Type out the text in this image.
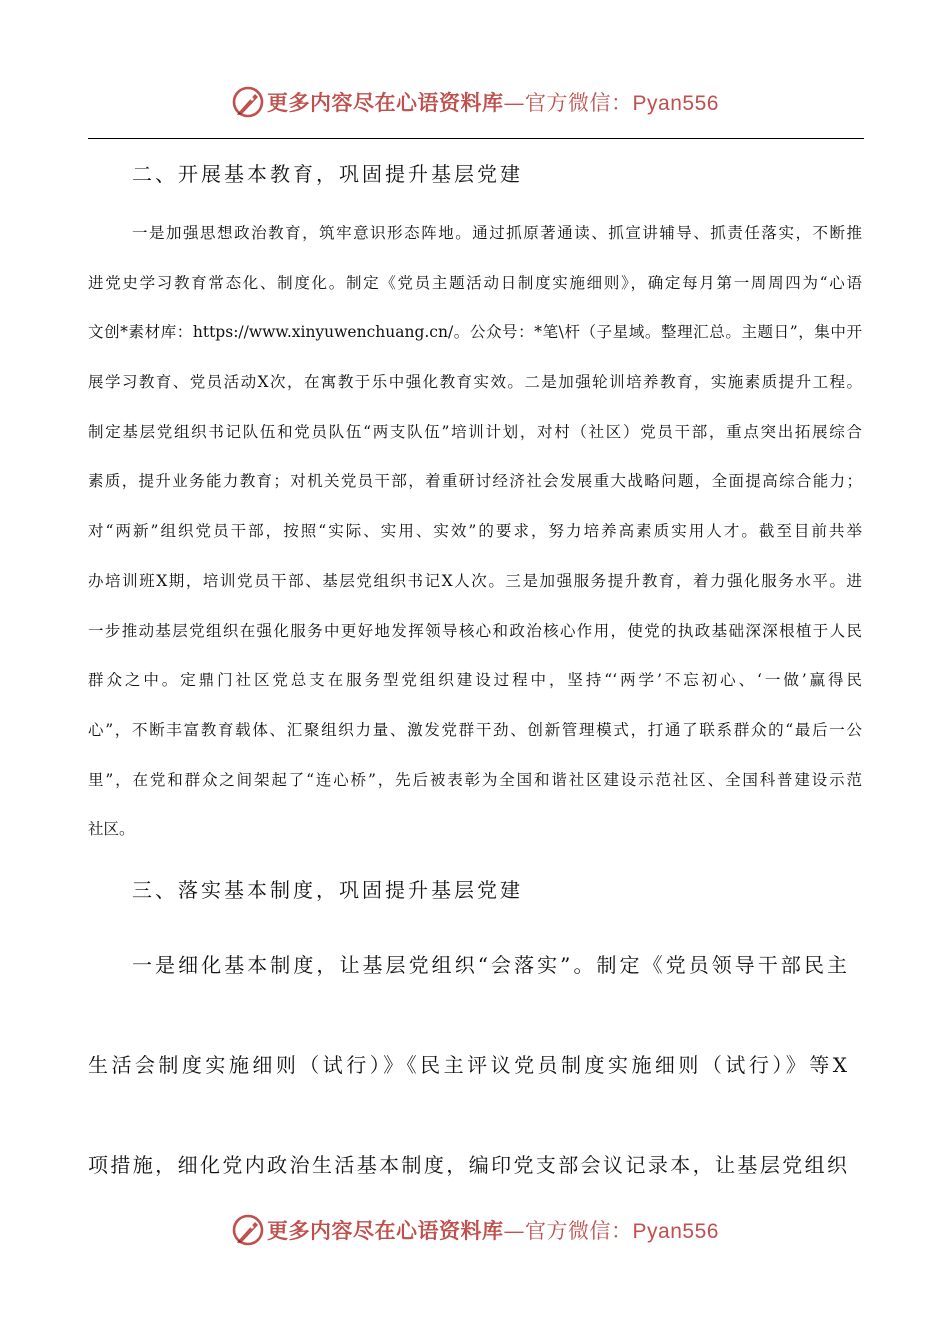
更多内容尽在心语资料库—官方微信：Pyan556
二、开展基本教育，巩固提升基层党建
一是加强思想政治教育，筑牢意识形态阵地。通过抓原著通读、抓宣讲辅导、抓责任落实，不断推
进党史学习教育常态化、制度化。制定《党员主题活动日制度实施细则》，确定每月第一周周四为“心语
文创*素材库：https://www.xinyuwenchuang.cn/。公众号：*笔\杆（子星域。整理汇总。主题日”，集中开
展学习教育、党员活动X次，在寓教于乐中强化教育实效。二是加强轮训培养教育，实施素质提升工程。
制定基层党组织书记队伍和党员队伍“两支队伍”培训计划，对村（社区）党员干部，重点突出拓展综合
素质，提升业务能力教育；对机关党员干部，着重研讨经济社会发展重大战略问题，全面提高综合能力；
对“两新”组织党员干部，按照“实际、实用、实效”的要求，努力培养高素质实用人才。截至目前共举
办培训班X期，培训党员干部、基层党组织书记X人次。三是加强服务提升教育，着力强化服务水平。进
一步推动基层党组织在强化服务中更好地发挥领导核心和政治核心作用，使党的执政基础深深根植于人民
群众之中。定鼎门社区党总支在服务型党组织建设过程中，坚持“‘两学’不忘初心、‘一做’赢得民
心”，不断丰富教育载体、汇聚组织力量、激发党群干劲、创新管理模式，打通了联系群众的“最后一公
里”，在党和群众之间架起了“连心桥”，先后被表彰为全国和谐社区建设示范社区、全国科普建设示范
社区。
三、落实基本制度，巩固提升基层党建
一是细化基本制度，让基层党组织“会落实”。制定《党员领导干部民主
生活会制度实施细则（试行）》《民主评议党员制度实施细则（试行）》等X
项措施，细化党内政治生活基本制度，编印党支部会议记录本，让基层党组织
更多内容尽在心语资料库—官方微信：Pyan556
